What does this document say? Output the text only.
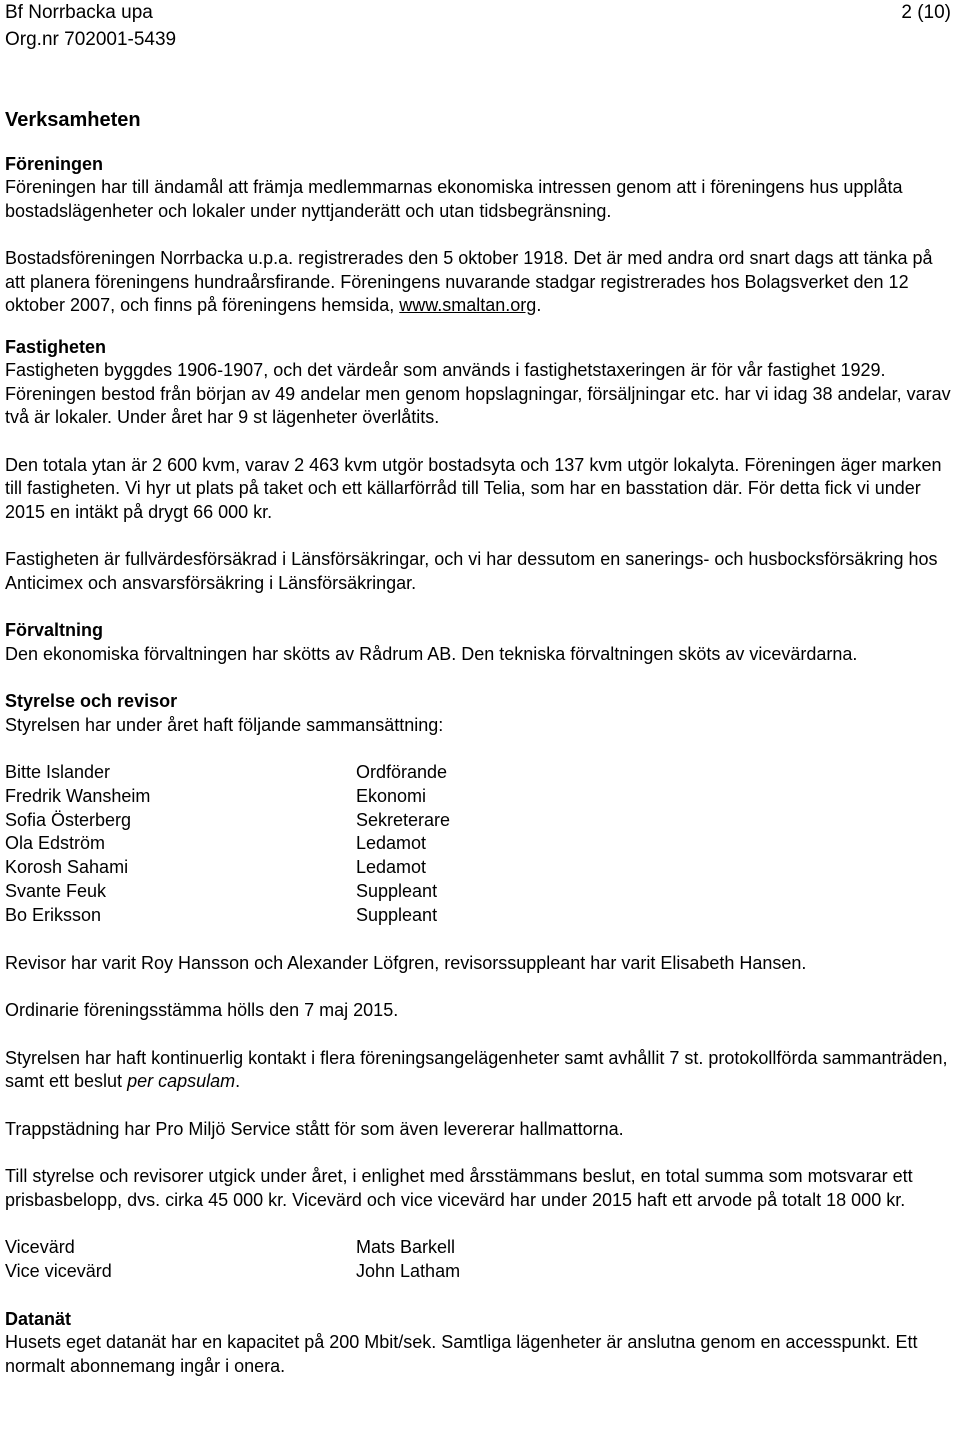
Bf Norrbacka upa
Org.nr 702001-5439
2 (10)
Verksamheten

Föreningen

Föreningen har till ändamål att främja medlemmarnas ekonomiska intressen genom att i föreningens hus upplåta bostadslägenheter och lokaler under nyttjanderätt och utan tidsbegränsning.

Bostadsföreningen Norrbacka u.p.a. registrerades den 5 oktober 1918. Det är med andra ord snart dags att tänka på att planera föreningens hundraårsfirande. Föreningens nuvarande stadgar registrerades hos Bolagsverket den 12 oktober 2007, och finns på föreningens hemsida, www.smaltan.org.

Fastigheten

Fastigheten byggdes 1906-1907, och det värdeår som används i fastighetstaxeringen är för vår fastighet 1929. Föreningen bestod från början av 49 andelar men genom hopslagningar, försäljningar etc. har vi idag 38 andelar, varav två är lokaler. Under året har 9 st lägenheter överlåtits.

Den totala ytan är 2 600 kvm, varav 2 463 kvm utgör bostadsyta och 137 kvm utgör lokalyta. Föreningen äger marken till fastigheten. Vi hyr ut plats på taket och ett källarförråd till Telia, som har en basstation där. För detta fick vi under 2015 en intäkt på drygt 66 000 kr.

Fastigheten är fullvärdesförsäkrad i Länsförsäkringar, och vi har dessutom en sanerings- och husbocksförsäkring hos Anticimex och ansvarsförsäkring i Länsförsäkringar.

Förvaltning

Den ekonomiska förvaltningen har skötts av Rådrum AB. Den tekniska förvaltningen sköts av vicevärdarna.

Styrelse och revisor

Styrelsen har under året haft följande sammansättning:

Bitte Islander	Ordförande
Fredrik Wansheim	Ekonomi
Sofia Österberg	Sekreterare
Ola Edström	Ledamot
Korosh Sahami	Ledamot
Svante Feuk	Suppleant
Bo Eriksson	Suppleant

Revisor har varit Roy Hansson och Alexander Löfgren, revisorssuppleant har varit Elisabeth Hansen.

Ordinarie föreningsstämma hölls den 7 maj 2015.

Styrelsen har haft kontinuerlig kontakt i flera föreningsangelägenheter samt avhållit 7 st. protokollförda sammanträden, samt ett beslut per capsulam.

Trappstädning har Pro Miljö Service stått för som även levererar hallmattorna.

Till styrelse och revisorer utgick under året, i enlighet med årsstämmans beslut, en total summa som motsvarar ett prisbasbelopp, dvs. cirka 45 000 kr. Vicevärd och vice vicevärd har under 2015 haft ett arvode på totalt 18 000 kr.

Vicevärd	Mats Barkell
Vice vicevärd	John Latham

Datanät

Husets eget datanät har en kapacitet på 200 Mbit/sek. Samtliga lägenheter är anslutna genom en accesspunkt. Ett normalt abonnemang ingår i onera.
